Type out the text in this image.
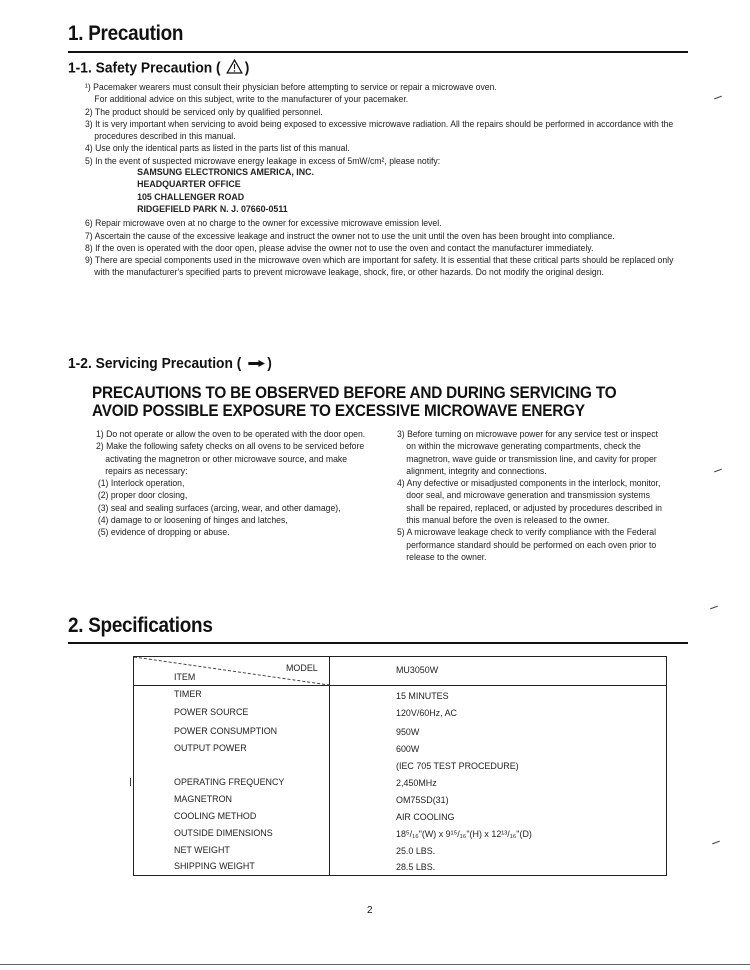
1. Precaution
1-1. Safety Precaution ( )

¹) Pacemaker wearers must consult their physician before attempting to service or repair a microwave oven.

For additional advice on this subject, write to the manufacturer of your pacemaker.

2) The product should be serviced only by qualified personnel.

3) It is very important when servicing to avoid being exposed to excessive microwave radiation. All the repairs should be performed in accordance with the procedures described in this manual.

4) Use only the identical parts as listed in the parts list of this manual.

5) In the event of suspected microwave energy leakage in excess of 5mW/cm², please notify:

SAMSUNG ELECTRONICS AMERICA, INC.

HEADQUARTER OFFICE

105 CHALLENGER ROAD

RIDGEFIELD PARK N. J. 07660-0511

6) Repair microwave oven at no charge to the owner for excessive microwave emission level.

7) Ascertain the cause of the excessive leakage and instruct the owner not to use the unit until the oven has been brought into compliance.

8) If the oven is operated with the door open, please advise the owner not to use the oven and contact the manufacturer immediately.

9) There are special components used in the microwave oven which are important for safety. It is essential that these critical parts should be replaced only with the manufacturer's specified parts to prevent microwave leakage, shock, fire, or other hazards. Do not modify the original design.

1-2. Servicing Precaution ( )
PRECAUTIONS TO BE OBSERVED BEFORE AND DURING SERVICING TO
AVOID POSSIBLE EXPOSURE TO EXCESSIVE MICROWAVE ENERGY

1) Do not operate or allow the oven to be operated with the door open.

2) Make the following safety checks on all ovens to be serviced before activating the magnetron or other microwave source, and make repairs as necessary:

(1) Interlock operation,

(2) proper door closing,

(3) seal and sealing surfaces (arcing, wear, and other damage),

(4) damage to or loosening of hinges and latches,

(5) evidence of dropping or abuse.

3) Before turning on microwave power for any service test or inspect on within the microwave generating compartments, check the magnetron, wave guide or transmission line, and cavity for proper alignment, integrity and connections.

4) Any defective or misadjusted components in the interlock, monitor, door seal, and microwave generation and transmission systems shall be repaired, replaced, or adjusted by procedures described in this manual before the oven is released to the owner.

5) A microwave leakage check to verify compliance with the Federal performance standard should be performed on each oven prior to release to the owner.

2. Specifications
MODEL
ITEM
MU3050W
TIMER	15 MINUTES
POWER SOURCE	120V/60Hz, AC
POWER CONSUMPTION	950W
OUTPUT POWER	600W
(IEC 705 TEST PROCEDURE)
OPERATING FREQUENCY	2,450MHz
MAGNETRON	OM75SD(31)
COOLING METHOD	AIR COOLING
OUTSIDE DIMENSIONS	18⁵/₁₆"(W) x 9¹⁵/₁₆"(H) x 12¹³/₁₆"(D)
NET WEIGHT	25.0 LBS.
SHIPPING WEIGHT	28.5 LBS.
2
